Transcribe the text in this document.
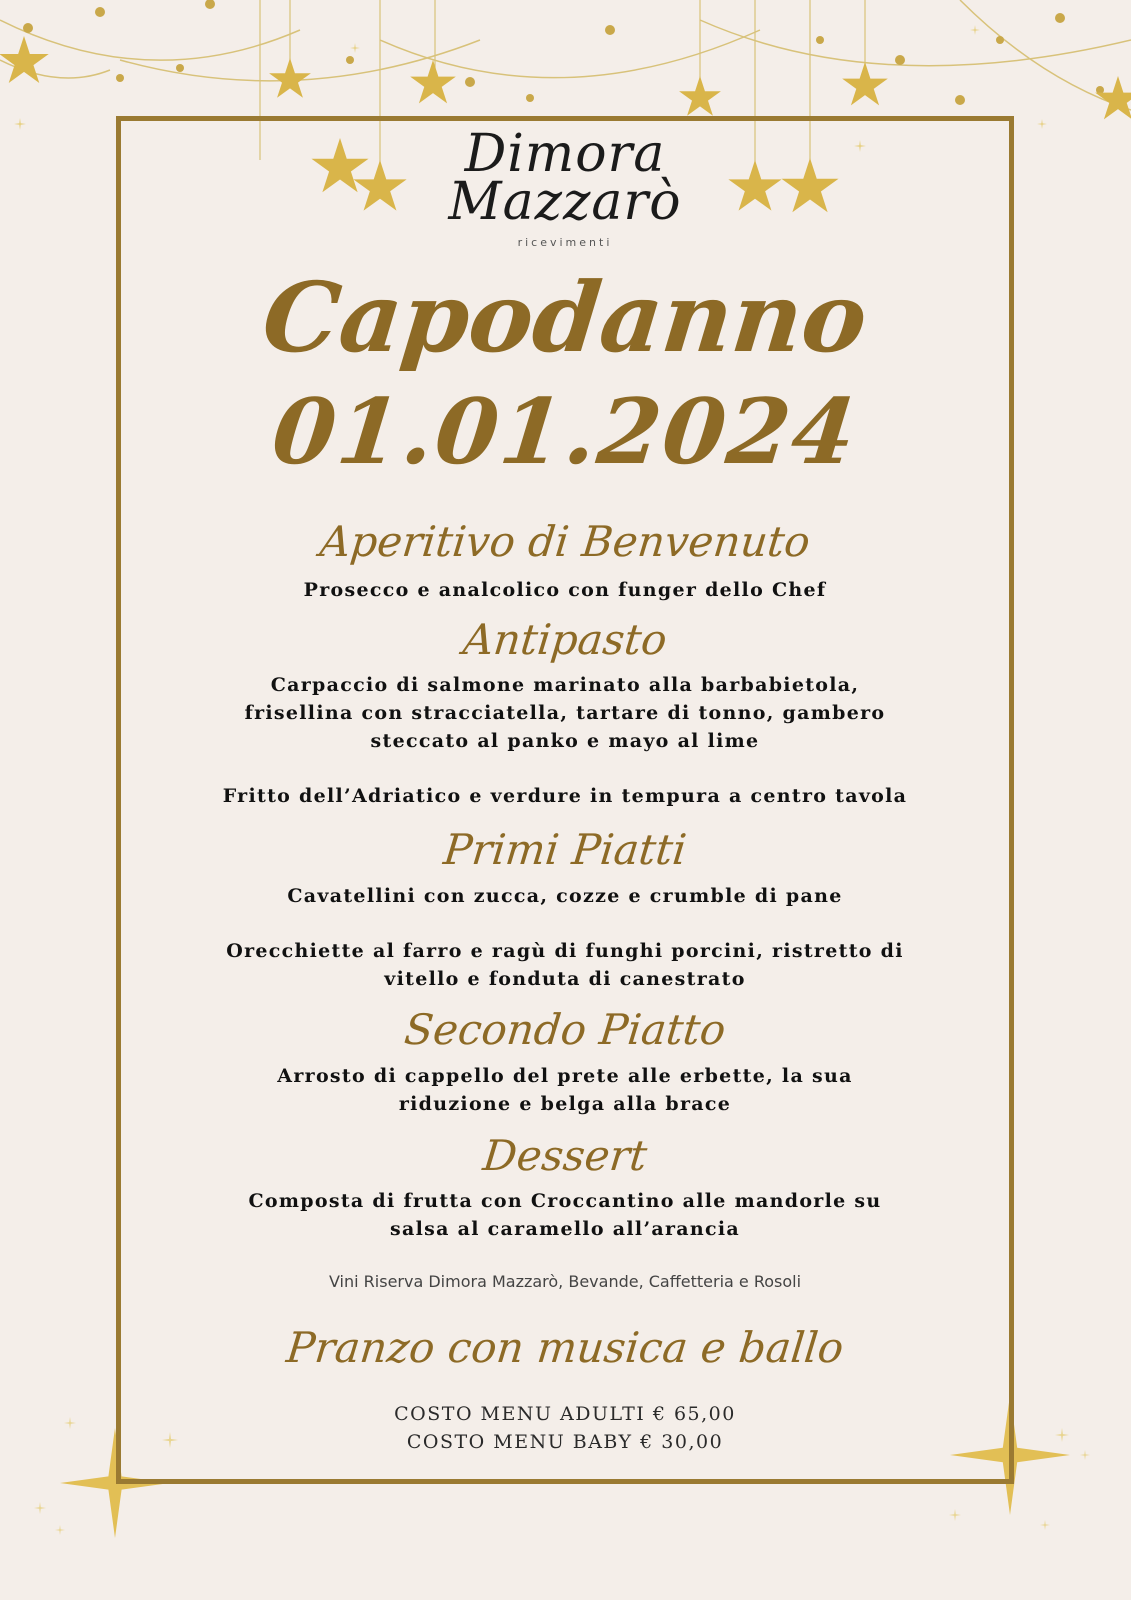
Dimora
Mazzarò
ricevimenti
Capodanno
01.01.2024
Aperitivo di Benvenuto
Prosecco e analcolico con funger dello Chef
Antipasto
Carpaccio di salmone marinato alla barbabietola,
frisellina con stracciatella, tartare di tonno, gambero
steccato al panko e mayo al lime
Fritto dell’Adriatico e verdure in tempura a centro tavola
Primi Piatti
Cavatellini con zucca, cozze e crumble di pane
Orecchiette al farro e ragù di funghi porcini, ristretto di
vitello e fonduta di canestrato
Secondo Piatto
Arrosto di cappello del prete alle erbette, la sua
riduzione e belga alla brace
Dessert
Composta di frutta con Croccantino alle mandorle su
salsa al caramello all’arancia
Vini Riserva Dimora Mazzarò, Bevande, Caffetteria e Rosoli
Pranzo con musica e ballo
COSTO MENU ADULTI € 65,00
COSTO MENU BABY € 30,00
